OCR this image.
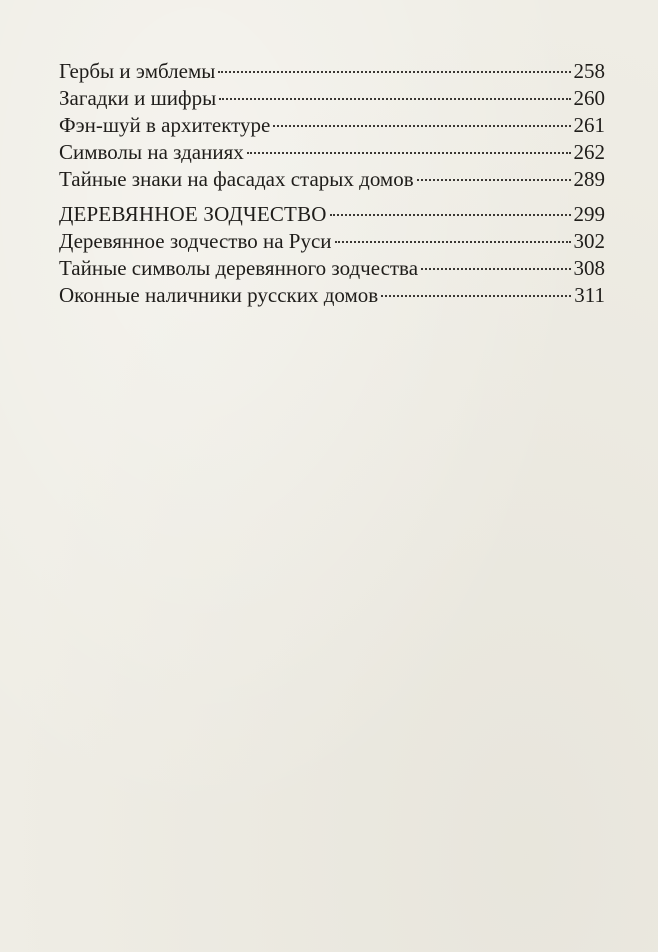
Гербы и эмблемы	258
Загадки и шифры	260
Фэн-шуй в архитектуре	261
Символы на зданиях	262
Тайные знаки на фасадах старых домов	289
ДЕРЕВЯННОЕ ЗОДЧЕСТВО	299
Деревянное зодчество на Руси	302
Тайные символы деревянного зодчества	308
Оконные наличники русских домов	311
